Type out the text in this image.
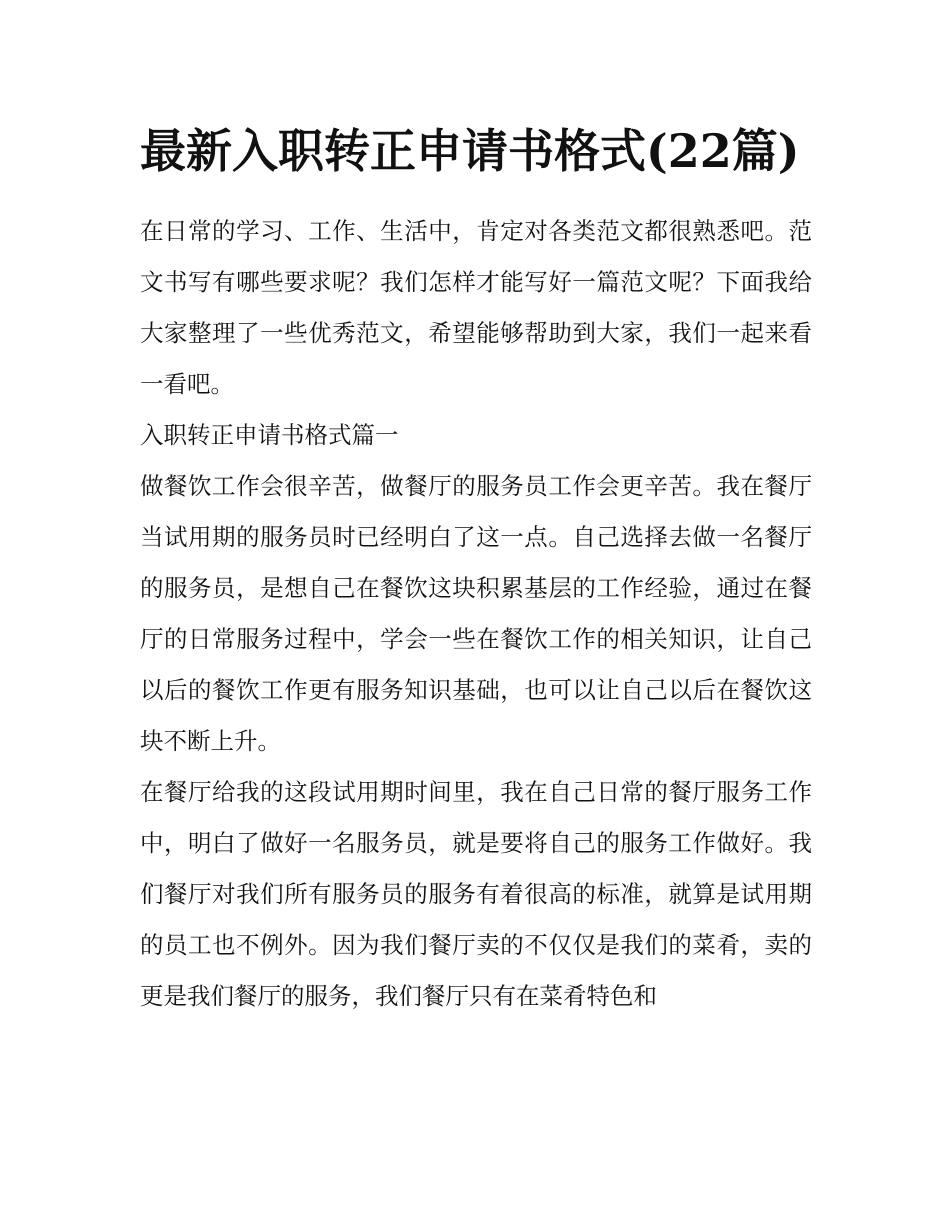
最新入职转正申请书格式(22篇)

在日常的学习、工作、生活中，肯定对各类范文都很熟悉吧。范文书写有哪些要求呢？我们怎样才能写好一篇范文呢？下面我给大家整理了一些优秀范文，希望能够帮助到大家，我们一起来看一看吧。

入职转正申请书格式篇一

做餐饮工作会很辛苦，做餐厅的服务员工作会更辛苦。我在餐厅当试用期的服务员时已经明白了这一点。自己选择去做一名餐厅的服务员，是想自己在餐饮这块积累基层的工作经验，通过在餐厅的日常服务过程中，学会一些在餐饮工作的相关知识，让自己以后的餐饮工作更有服务知识基础，也可以让自己以后在餐饮这块不断上升。

在餐厅给我的这段试用期时间里，我在自己日常的餐厅服务工作中，明白了做好一名服务员，就是要将自己的服务工作做好。我们餐厅对我们所有服务员的服务有着很高的标准，就算是试用期的员工也不例外。因为我们餐厅卖的不仅仅是我们的菜肴，卖的更是我们餐厅的服务，我们餐厅只有在菜肴特色和
